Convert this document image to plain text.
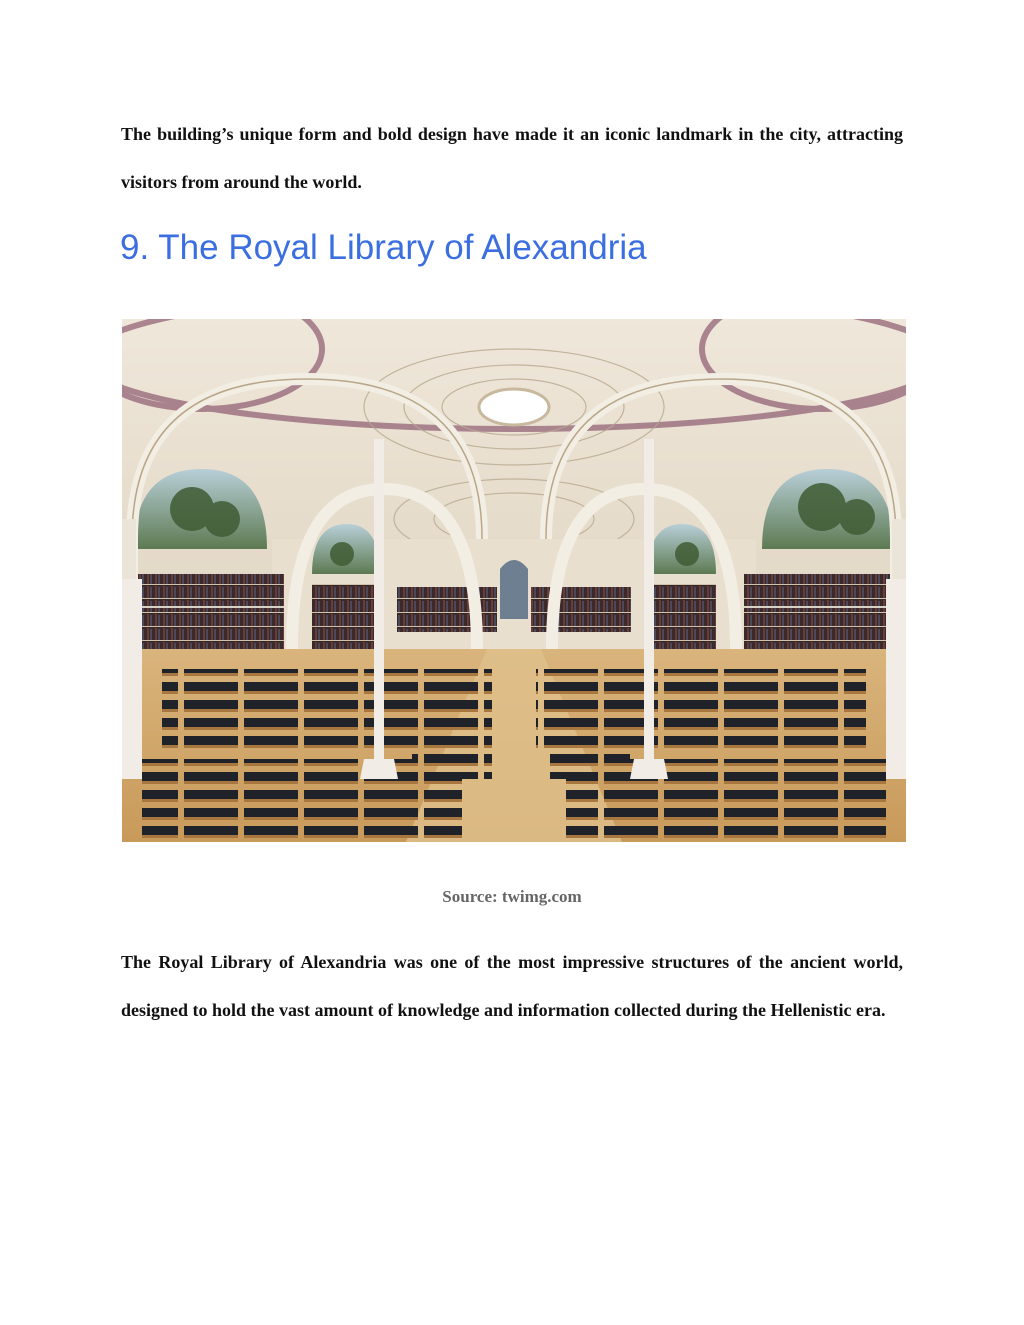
The building’s unique form and bold design have made it an iconic landmark in the city, attracting visitors from around the world.

9. The Royal Library of Alexandria

Source: twimg.com

The Royal Library of Alexandria was one of the most impressive structures of the ancient world, designed to hold the vast amount of knowledge and information collected during the Hellenistic era.
